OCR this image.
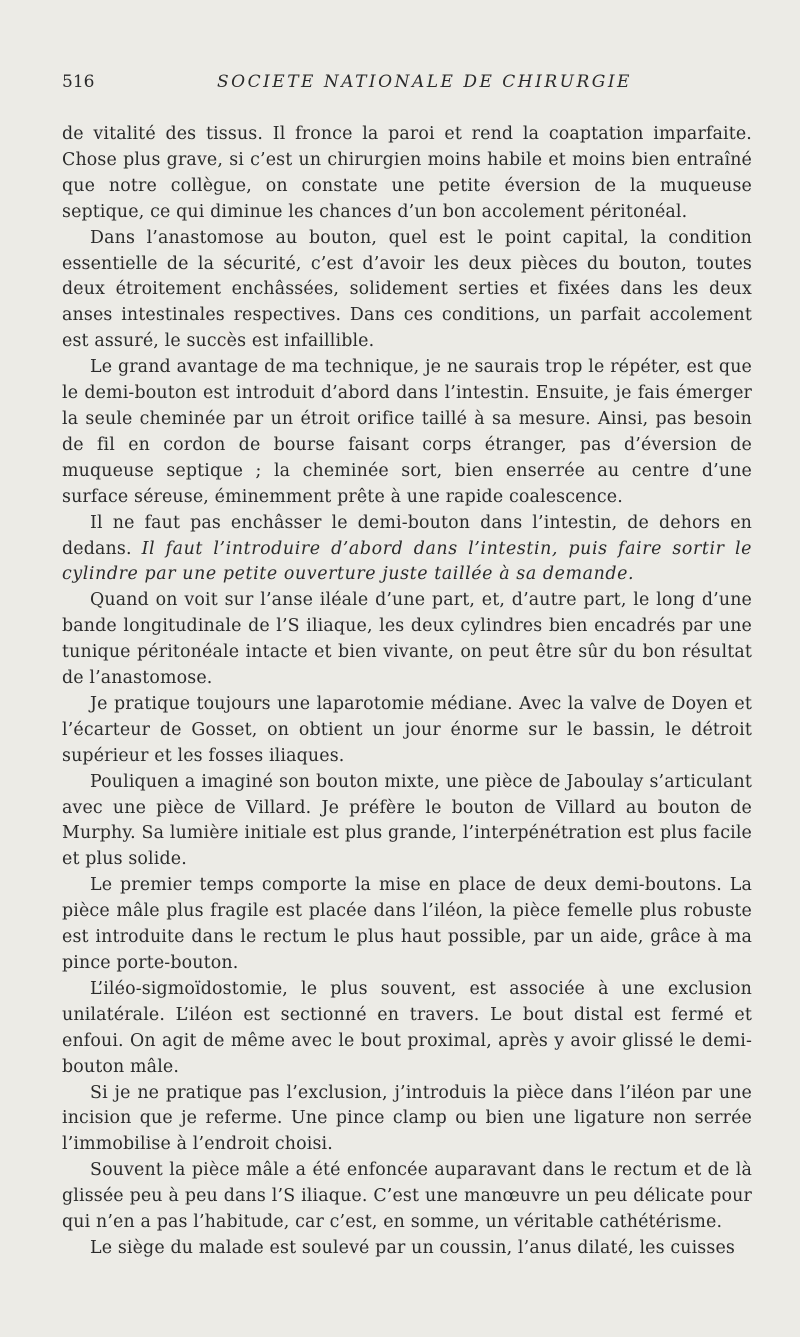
516	SOCIETE NATIONALE DE CHIRURGIE

de vitalité des tissus. Il fronce la paroi et rend la coaptation imparfaite. Chose plus grave, si c’est un chirurgien moins habile et moins bien entraîné que notre collègue, on constate une petite éversion de la muqueuse septique, ce qui diminue les chances d’un bon accolement péritonéal.

Dans l’anastomose au bouton, quel est le point capital, la condition essentielle de la sécurité, c’est d’avoir les deux pièces du bouton, toutes deux étroitement enchâssées, solidement serties et fixées dans les deux anses intestinales respectives. Dans ces conditions, un parfait accolement est assuré, le succès est infaillible.

Le grand avantage de ma technique, je ne saurais trop le répéter, est que le demi-bouton est introduit d’abord dans l’intestin. Ensuite, je fais émerger la seule cheminée par un étroit orifice taillé à sa mesure. Ainsi, pas besoin de fil en cordon de bourse faisant corps étranger, pas d’éversion de muqueuse septique ; la cheminée sort, bien enserrée au centre d’une surface séreuse, éminemment prête à une rapide coalescence.

Il ne faut pas enchâsser le demi-bouton dans l’intestin, de dehors en dedans. Il faut l’introduire d’abord dans l’intestin, puis faire sortir le cylindre par une petite ouverture juste taillée à sa demande.

Quand on voit sur l’anse iléale d’une part, et, d’autre part, le long d’une bande longitudinale de l’S iliaque, les deux cylindres bien encadrés par une tunique péritonéale intacte et bien vivante, on peut être sûr du bon résultat de l’anastomose.

Je pratique toujours une laparotomie médiane. Avec la valve de Doyen et l’écarteur de Gosset, on obtient un jour énorme sur le bassin, le détroit supérieur et les fosses iliaques.

Pouliquen a imaginé son bouton mixte, une pièce de Jaboulay s’articulant avec une pièce de Villard. Je préfère le bouton de Villard au bouton de Murphy. Sa lumière initiale est plus grande, l’interpénétration est plus facile et plus solide.

Le premier temps comporte la mise en place de deux demi-boutons. La pièce mâle plus fragile est placée dans l’iléon, la pièce femelle plus robuste est introduite dans le rectum le plus haut possible, par un aide, grâce à ma pince porte-bouton.

L’iléo-sigmoïdostomie, le plus souvent, est associée à une exclusion unilatérale. L’iléon est sectionné en travers. Le bout distal est fermé et enfoui. On agit de même avec le bout proximal, après y avoir glissé le demi-bouton mâle.

Si je ne pratique pas l’exclusion, j’introduis la pièce dans l’iléon par une incision que je referme. Une pince clamp ou bien une ligature non serrée l’immobilise à l’endroit choisi.

Souvent la pièce mâle a été enfoncée auparavant dans le rectum et de là glissée peu à peu dans l’S iliaque. C’est une manœuvre un peu délicate pour qui n’en a pas l’habitude, car c’est, en somme, un véritable cathétérisme.

Le siège du malade est soulevé par un coussin, l’anus dilaté, les cuisses
